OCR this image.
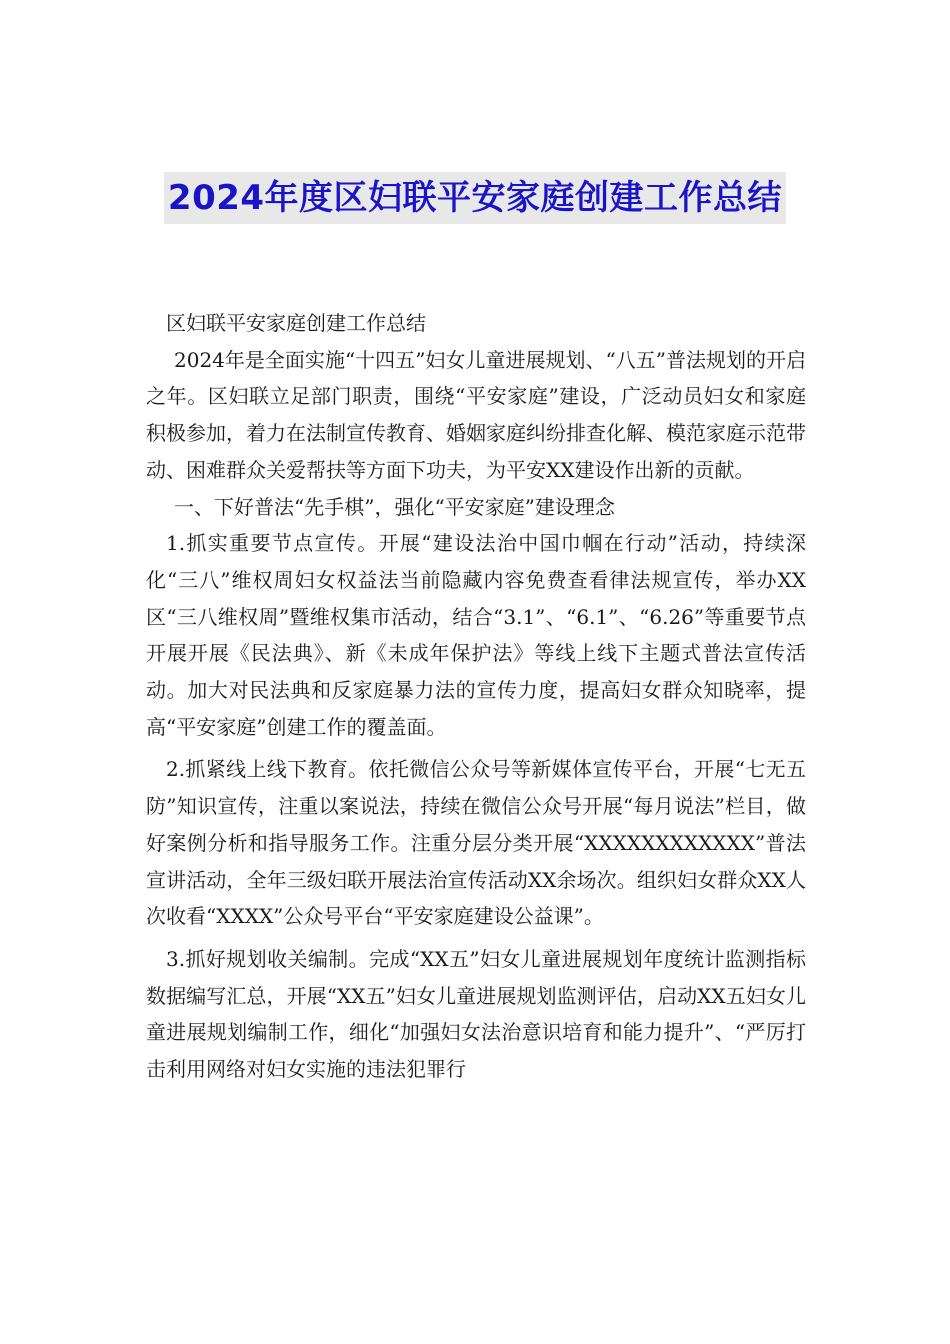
2024年度区妇联平安家庭创建工作总结

区妇联平安家庭创建工作总结

2024年是全面实施“十四五”妇女儿童进展规划、“八五”普法规划的开启之年。区妇联立足部门职责，围绕“平安家庭”建设，广泛动员妇女和家庭积极参加，着力在法制宣传教育、婚姻家庭纠纷排查化解、模范家庭示范带动、困难群众关爱帮扶等方面下功夫，为平安XX建设作出新的贡献。

一、下好普法“先手棋”，强化“平安家庭”建设理念

1.抓实重要节点宣传。开展“建设法治中国巾帼在行动”活动，持续深化“三八”维权周妇女权益法当前隐藏内容免费查看律法规宣传，举办XX区“三八维权周”暨维权集市活动，结合“3.1”、“6.1”、“6.26”等重要节点开展开展《民法典》、新《未成年保护法》等线上线下主题式普法宣传活动。加大对民法典和反家庭暴力法的宣传力度，提高妇女群众知晓率，提高“平安家庭”创建工作的覆盖面。

2.抓紧线上线下教育。依托微信公众号等新媒体宣传平台，开展“七无五防”知识宣传，注重以案说法，持续在微信公众号开展“每月说法”栏目，做好案例分析和指导服务工作。注重分层分类开展“XXXXXXXXXXXX”普法宣讲活动，全年三级妇联开展法治宣传活动XX余场次。组织妇女群众XX人次收看“XXXX”公众号平台“平安家庭建设公益课”。

3.抓好规划收关编制。完成“XX五”妇女儿童进展规划年度统计监测指标数据编写汇总，开展“XX五”妇女儿童进展规划监测评估，启动XX五妇女儿童进展规划编制工作，细化“加强妇女法治意识培育和能力提升”、“严厉打击利用网络对妇女实施的违法犯罪行
